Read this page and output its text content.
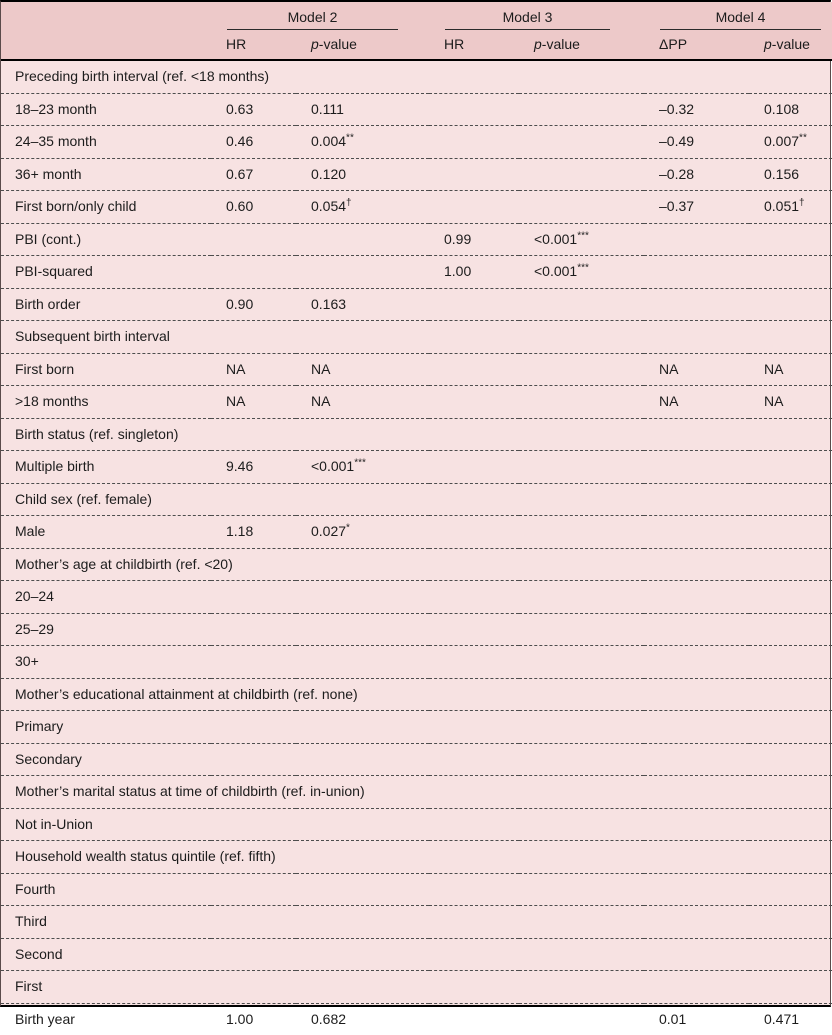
	Model 2		Model 3		Model 4	

	HR	p-value	HR	p-value	ΔPP	p-value
Preceding birth interval (ref. <18 months)						
18–23 month	0.63	0.111			–0.32	0.108
24–35 month	0.46	0.004**			–0.49	0.007**
36+ month	0.67	0.120			–0.28	0.156
First born/only child	0.60	0.054†			–0.37	0.051†
PBI (cont.)			0.99	<0.001***		
PBI-squared			1.00	<0.001***		
Birth order	0.90	0.163				
Subsequent birth interval						
First born	NA	NA			NA	NA
>18 months	NA	NA			NA	NA
Birth status (ref. singleton)						
Multiple birth	9.46	<0.001***				
Child sex (ref. female)						
Male	1.18	0.027*				
Mother’s age at childbirth (ref. <20)						
20–24						
25–29						
30+						
Mother’s educational attainment at childbirth (ref. none)						
Primary						
Secondary						
Mother’s marital status at time of childbirth (ref. in-union)						
Not in-Union						
Household wealth status quintile (ref. fifth)						
Fourth						
Third						
Second						
First						
Birth year	1.00	0.682			0.01	0.471
